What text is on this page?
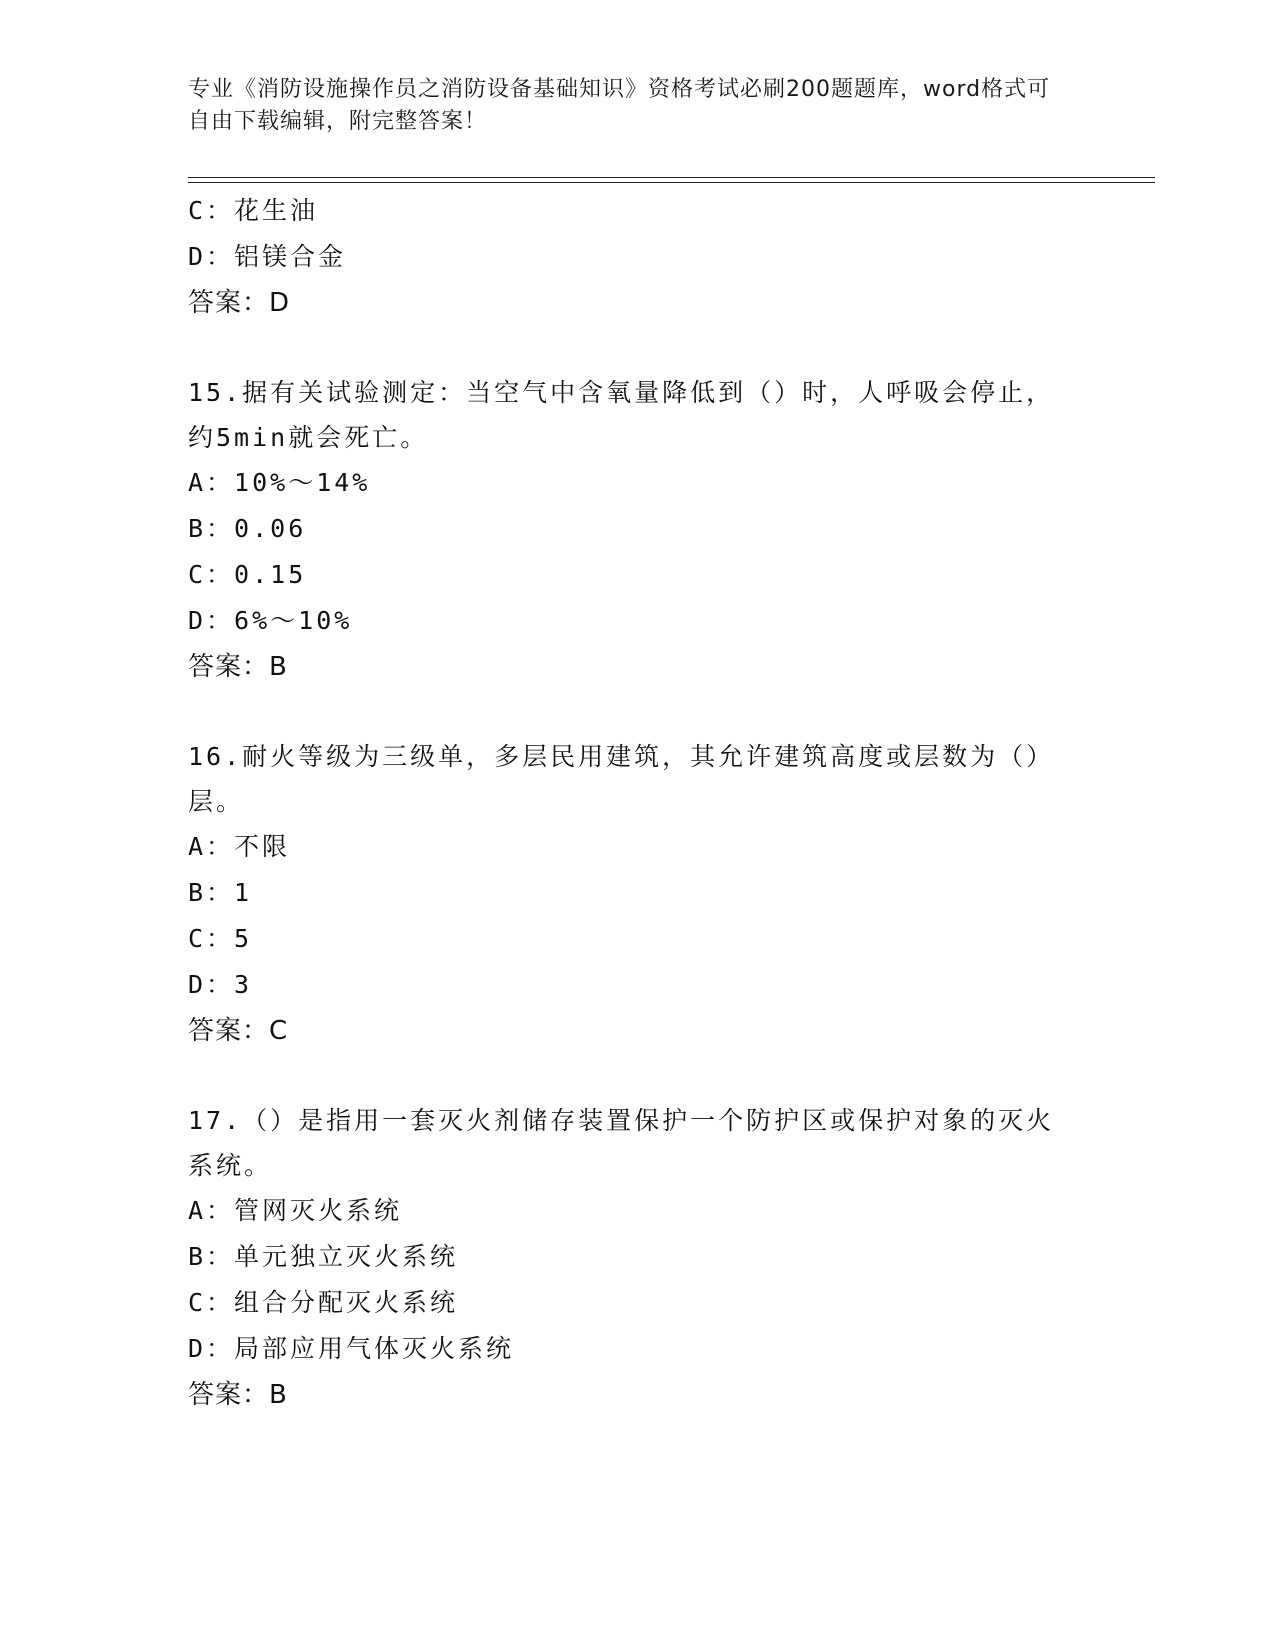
专业《消防设施操作员之消防设备基础知识》资格考试必刷200题题库，word格式可自由下载编辑，附完整答案！
C：花生油
D：铝镁合金
答案：D
15.据有关试验测定：当空气中含氧量降低到（）时，人呼吸会停止，约5min就会死亡。
A：10%～14%
B：0.06
C：0.15
D：6%～10%
答案：B
16.耐火等级为三级单，多层民用建筑，其允许建筑高度或层数为（）层。
A：不限
B：1
C：5
D：3
答案：C
17.（）是指用一套灭火剂储存装置保护一个防护区或保护对象的灭火系统。
A：管网灭火系统
B：单元独立灭火系统
C：组合分配灭火系统
D：局部应用气体灭火系统
答案：B
